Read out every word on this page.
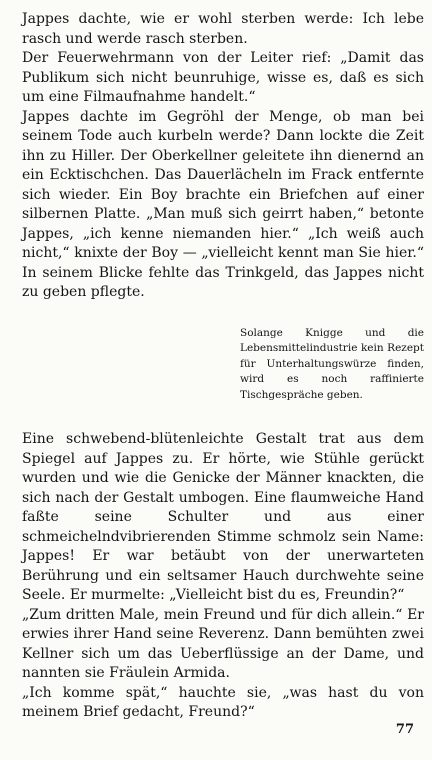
Jappes dachte, wie er wohl sterben werde: Ich lebe rasch und werde rasch sterben.

Der Feuerwehrmann von der Leiter rief: „Damit das Publikum sich nicht beunruhige, wisse es, daß es sich um eine Filmaufnahme handelt.“

Jappes dachte im Gegröhl der Menge, ob man bei seinem Tode auch kurbeln werde? Dann lockte die Zeit ihn zu Hiller. Der Oberkellner geleitete ihn dienernd an ein Ecktischchen. Das Dauerlächeln im Frack entfernte sich wieder. Ein Boy brachte ein Briefchen auf einer silbernen Platte. „Man muß sich geirrt haben,“ betonte Jappes, „ich kenne niemanden hier.“ „Ich weiß auch nicht,“ knixte der Boy — „vielleicht kennt man Sie hier.“ In seinem Blicke fehlte das Trinkgeld, das Jappes nicht zu geben pflegte.

Solange Knigge und die Lebensmittelindustrie kein Rezept für Unterhaltungswürze finden, wird es noch raffinierte Tischgespräche geben.

Eine schwebend-blütenleichte Gestalt trat aus dem Spiegel auf Jappes zu. Er hörte, wie Stühle gerückt wurden und wie die Genicke der Männer knackten, die sich nach der Gestalt umbogen. Eine flaumweiche Hand faßte seine Schulter und aus einer schmeichelndvibrierenden Stimme schmolz sein Name: Jappes! Er war betäubt von der unerwarteten Berührung und ein seltsamer Hauch durchwehte seine Seele. Er murmelte: „Vielleicht bist du es, Freundin?“

„Zum dritten Male, mein Freund und für dich allein.“ Er erwies ihrer Hand seine Reverenz. Dann bemühten zwei Kellner sich um das Ueberflüssige an der Dame, und nannten sie Fräulein Armida.

„Ich komme spät,“ hauchte sie, „was hast du von meinem Brief gedacht, Freund?“

77
